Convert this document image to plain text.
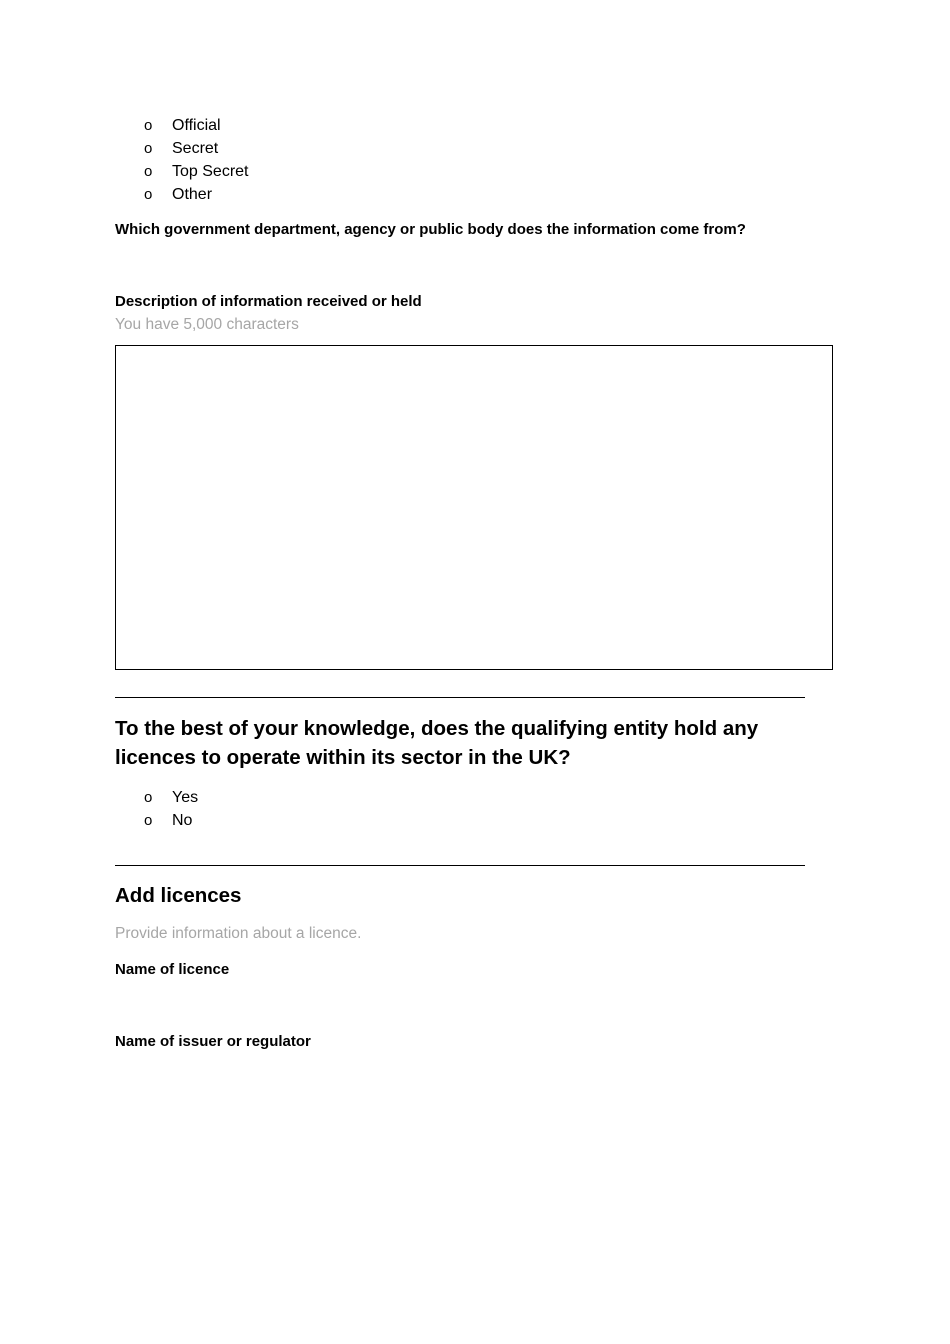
o Official
o Secret
o Top Secret
o Other

Which government department, agency or public body does the information come from?

Description of information received or held

You have 5,000 characters

To the best of your knowledge, does the qualifying entity hold any licences to operate within its sector in the UK?
o Yes
o No
Add licences

Provide information about a licence.

Name of licence

Name of issuer or regulator
